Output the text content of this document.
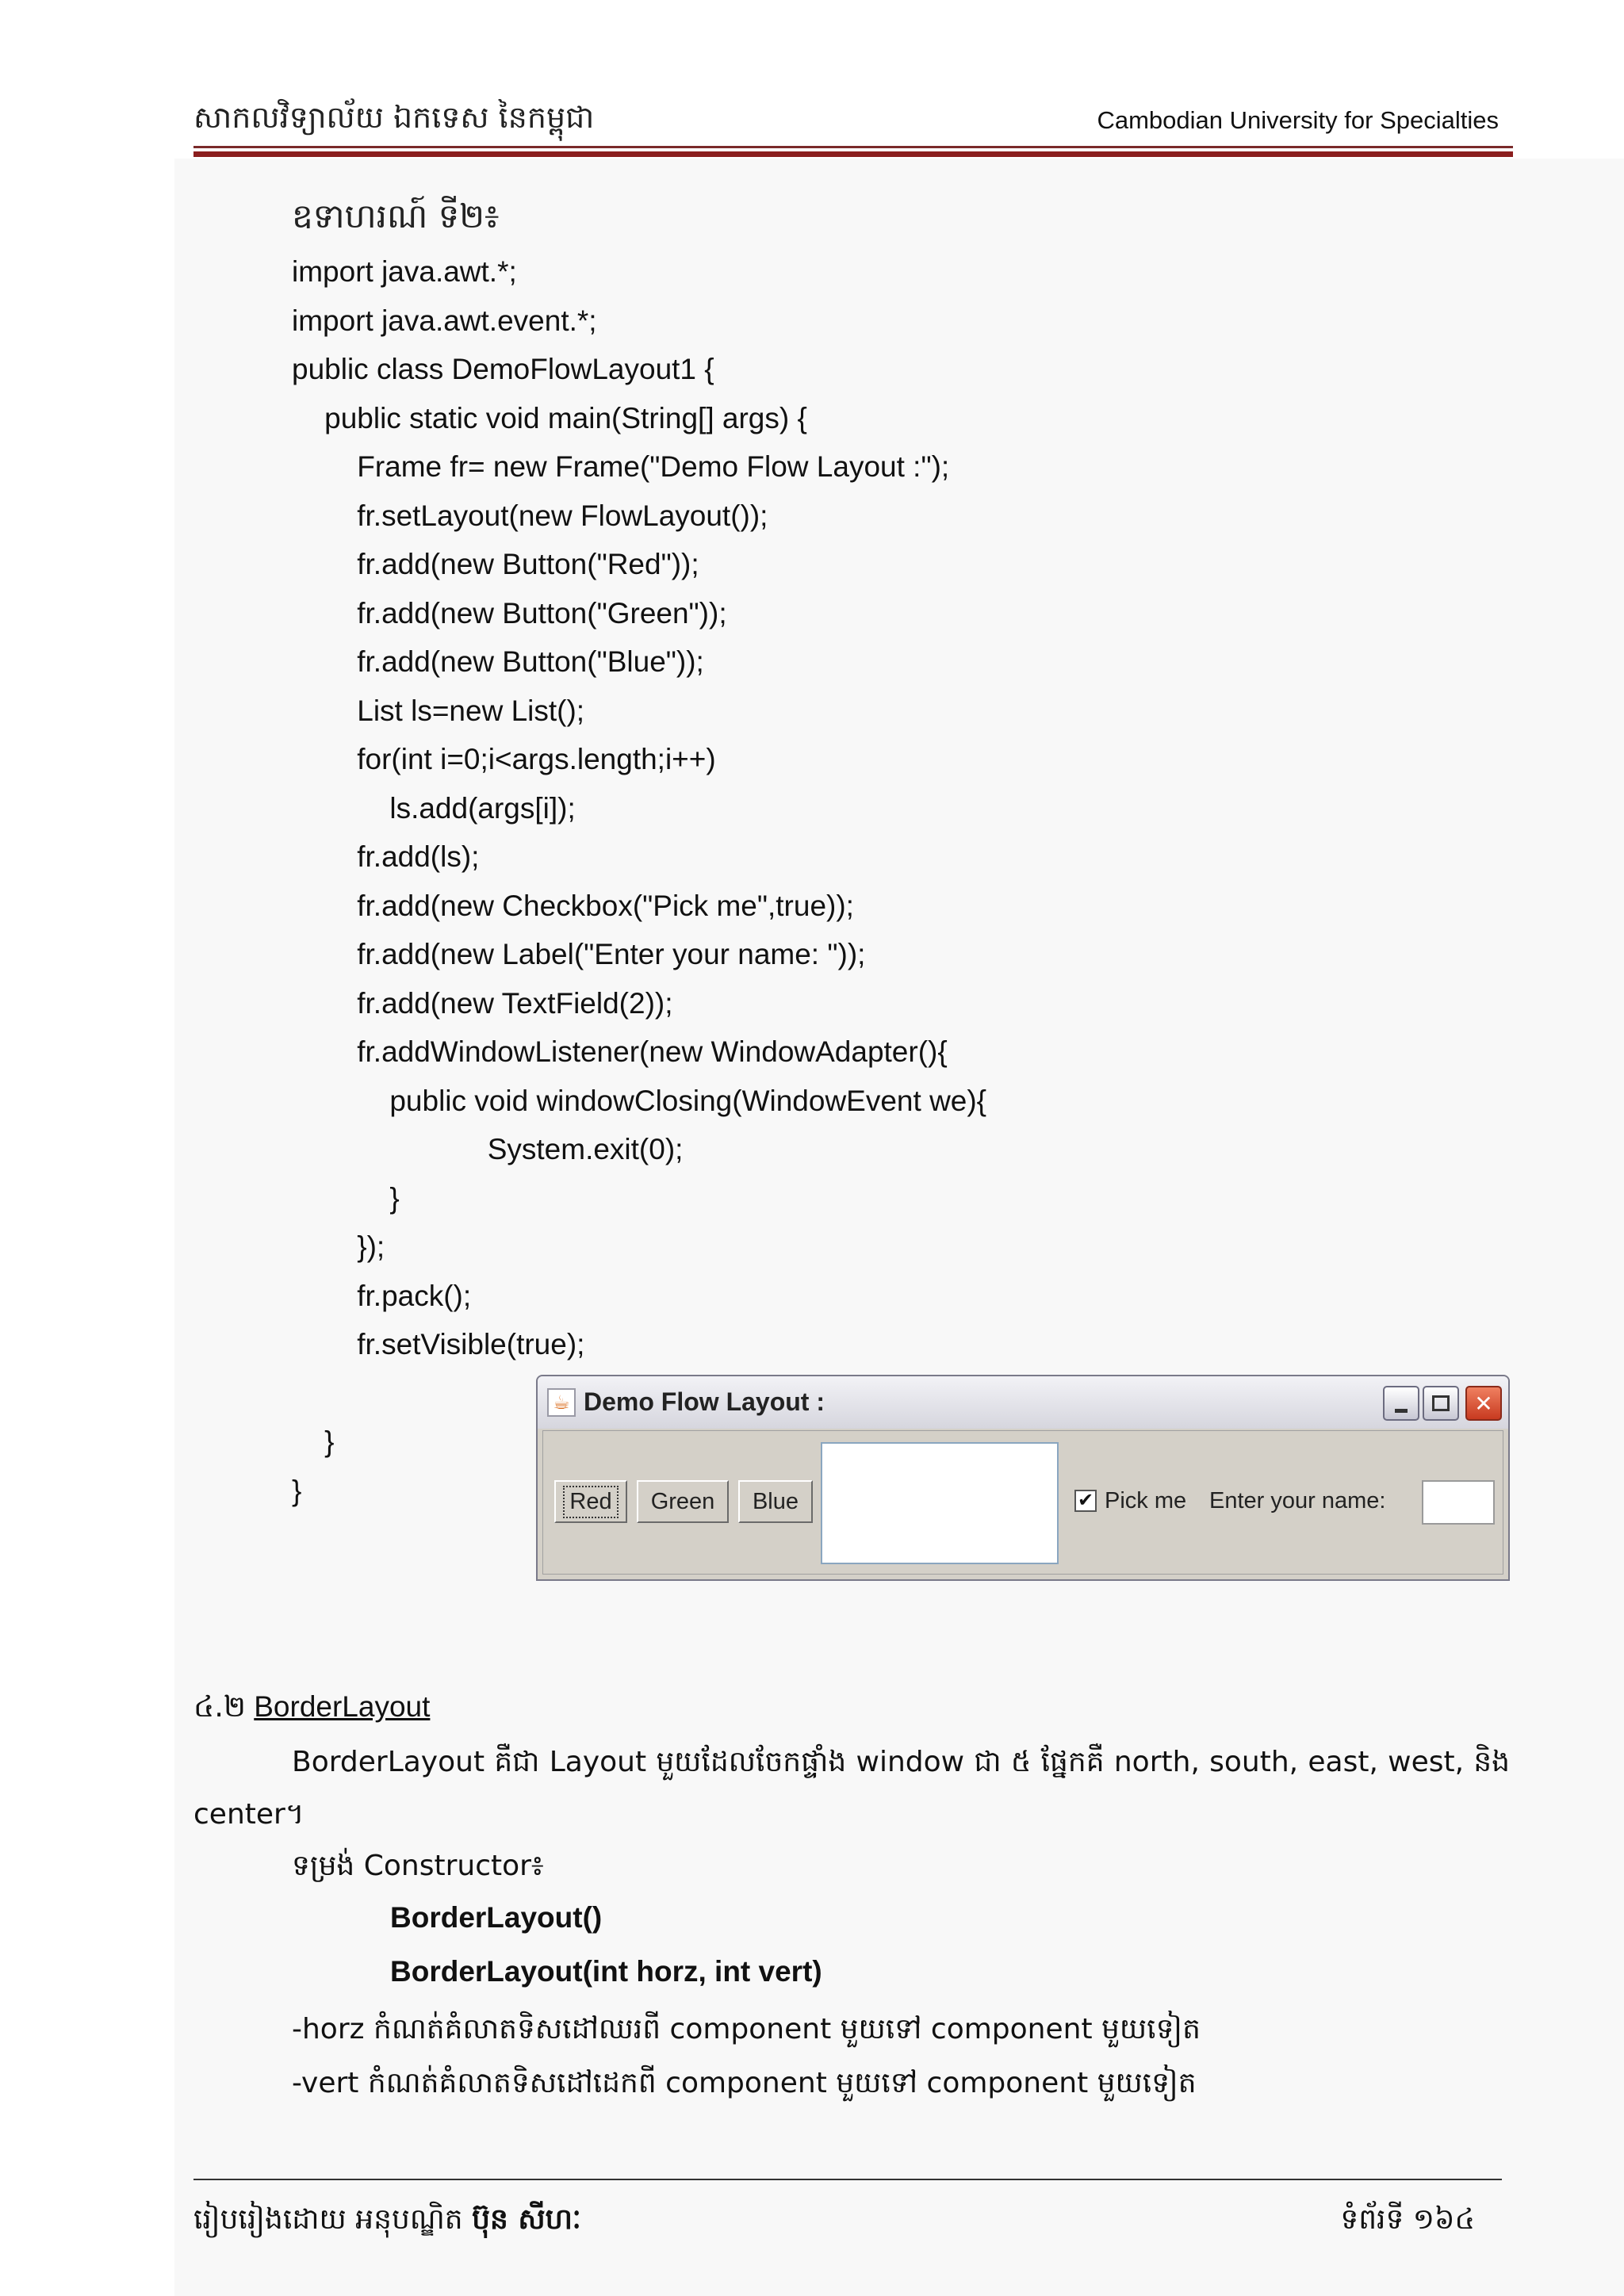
សាកលវិទ្យាល័យ ឯកទេស នៃកម្ពុជា	Cambodian University for Specialties
ឧទាហរណ៍ ទី២៖
import java.awt.*;
import java.awt.event.*;
public class DemoFlowLayout1 {
public static void main(String[] args) {
Frame fr= new Frame("Demo Flow Layout :");
fr.setLayout(new FlowLayout());
fr.add(new Button("Red"));
fr.add(new Button("Green"));
fr.add(new Button("Blue"));
List ls=new List();
for(int i=0;i<args.length;i++)
ls.add(args[i]);
fr.add(ls);
fr.add(new Checkbox("Pick me",true));
fr.add(new Label("Enter your name: "));
fr.add(new TextField(2));
fr.addWindowListener(new WindowAdapter(){
public void windowClosing(WindowEvent we){
System.exit(0);
}
});
fr.pack();
fr.setVisible(true);
}
}
☕ Demo Flow Layout :
✕
Red	Green	Blue	✔ Pick me Enter your name:
៤.២ BorderLayout
BorderLayout គឺជា Layout មួយដែលចែកផ្ទាំង window ជា ៥ ផ្នែកគឺ north, south, east, west, និង center។
ទម្រង់ Constructor៖
BorderLayout()
BorderLayout(int horz, int vert)
-horz កំណត់គំលាតទិសដៅឈរពី component មួយទៅ component មួយទៀត
-vert កំណត់គំលាតទិសដៅដេកពី component មួយទៅ component មួយទៀត
រៀបរៀងដោយ អនុបណ្ឌិត ប៊ុន សីហៈ	ទំព័រទី ១៦៤
